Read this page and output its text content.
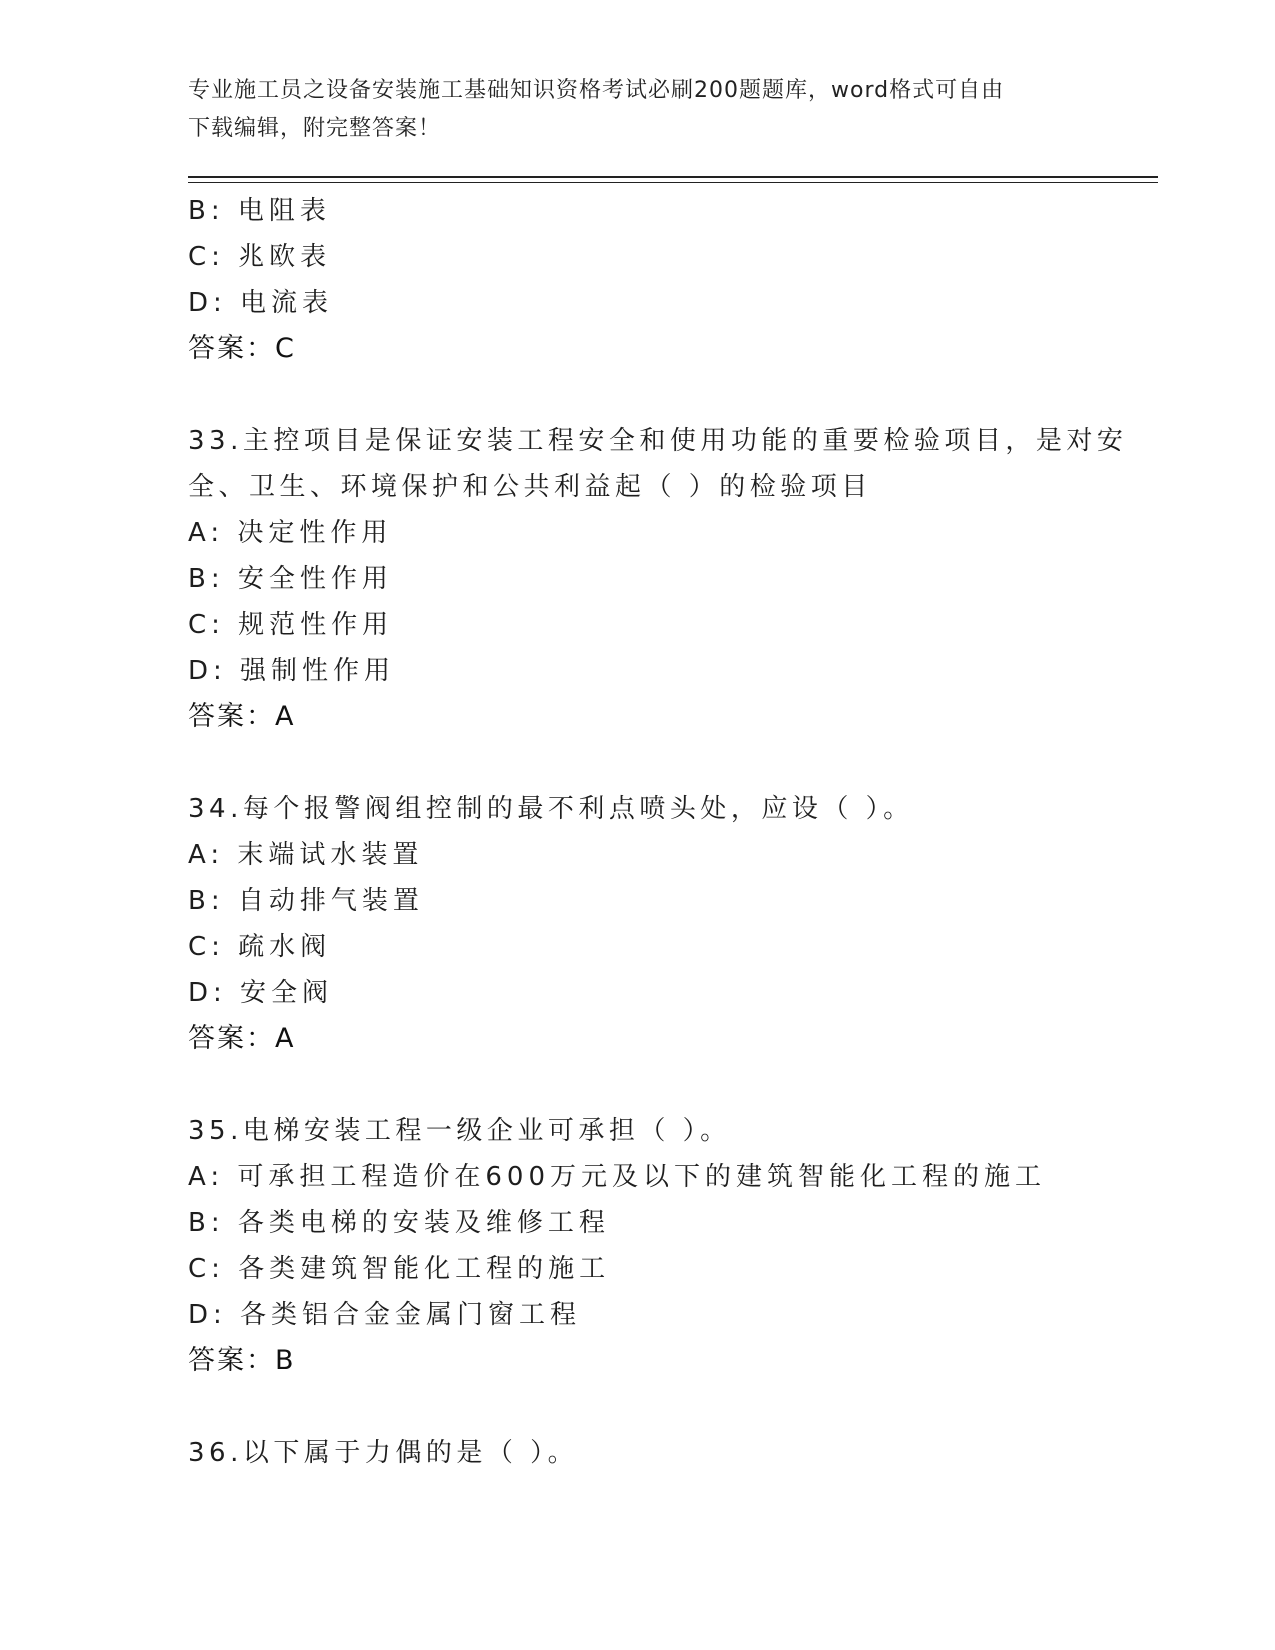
专业施工员之设备安装施工基础知识资格考试必刷200题题库，word格式可自由
下载编辑，附完整答案！
B: 电阻表
C: 兆欧表
D: 电流表
答案：C
33.主控项目是保证安装工程安全和使用功能的重要检验项目，是对安
全、卫生、环境保护和公共利益起（ ）的检验项目
A: 决定性作用
B: 安全性作用
C: 规范性作用
D: 强制性作用
答案：A
34.每个报警阀组控制的最不利点喷头处，应设（ ）。
A: 末端试水装置
B: 自动排气装置
C: 疏水阀
D: 安全阀
答案：A
35.电梯安装工程一级企业可承担（ ）。
A: 可承担工程造价在600万元及以下的建筑智能化工程的施工
B: 各类电梯的安装及维修工程
C: 各类建筑智能化工程的施工
D: 各类铝合金金属门窗工程
答案：B
36.以下属于力偶的是（ ）。
